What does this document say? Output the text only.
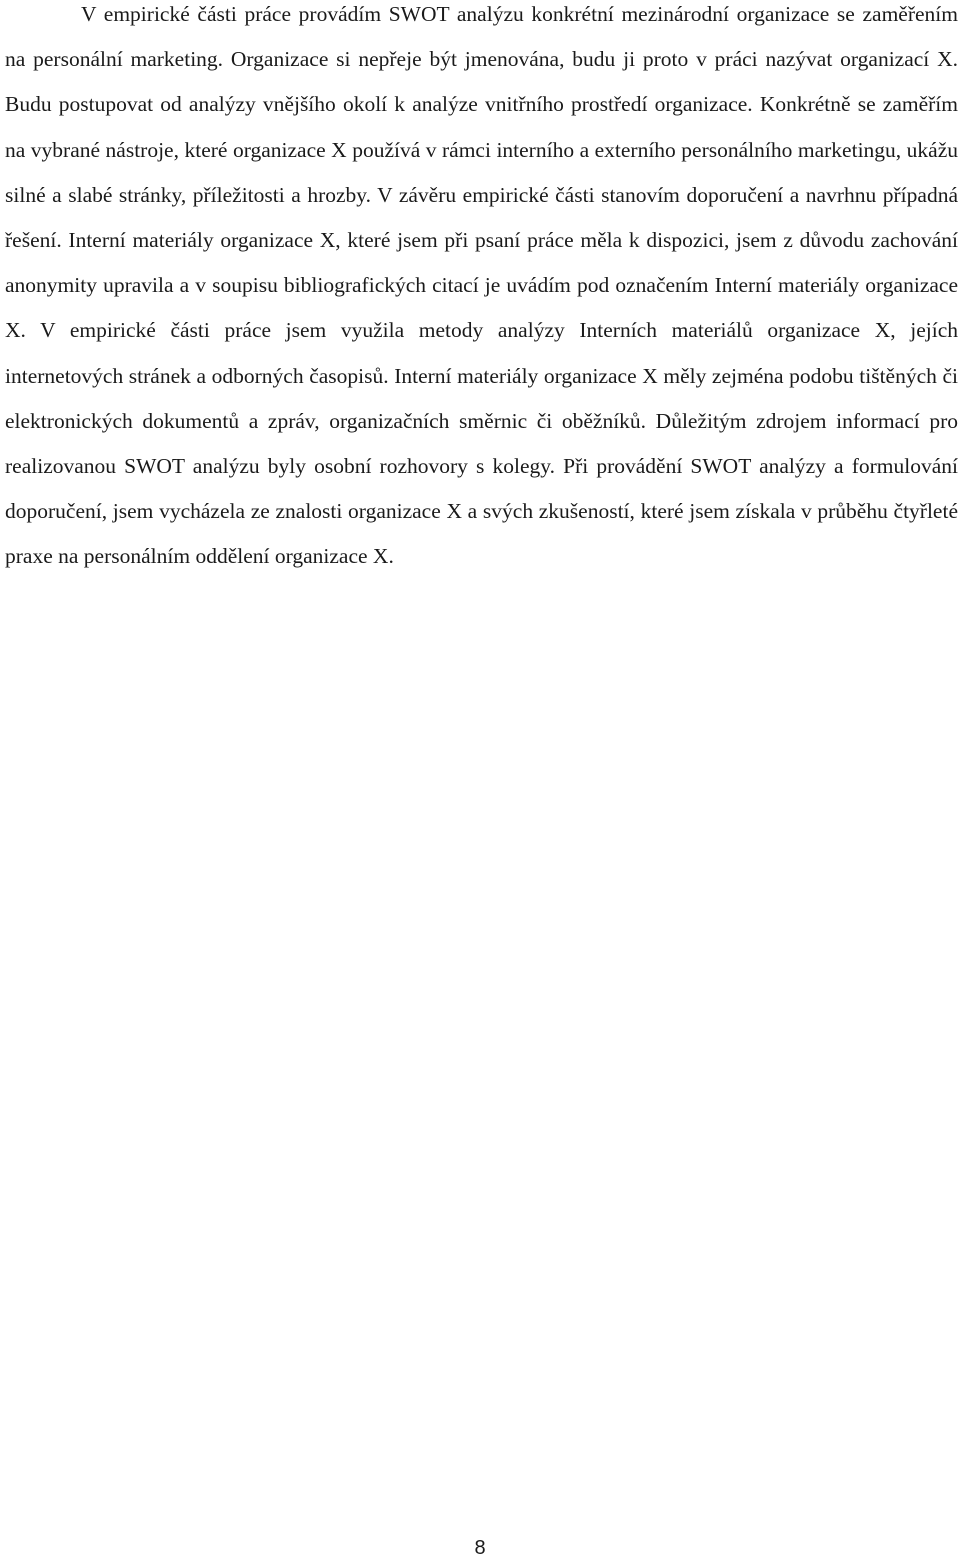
V empirické části práce provádím SWOT analýzu konkrétní mezinárodní organizace se zaměřením na personální marketing. Organizace si nepřeje být jmenována, budu ji proto v práci nazývat organizací X. Budu postupovat od analýzy vnějšího okolí k analýze vnitřního prostředí organizace. Konkrétně se zaměřím na vybrané nástroje, které organizace X používá v rámci interního a externího personálního marketingu, ukážu silné a slabé stránky, příležitosti a hrozby. V závěru empirické části stanovím doporučení a navrhnu případná řešení. Interní materiály organizace X, které jsem při psaní práce měla k dispozici, jsem z důvodu zachování anonymity upravila a v soupisu bibliografických citací je uvádím pod označením Interní materiály organizace X. V empirické části práce jsem využila metody analýzy Interních materiálů organizace X, jejích internetových stránek a odborných časopisů. Interní materiály organizace X měly zejména podobu tištěných či elektronických dokumentů a zpráv, organizačních směrnic či oběžníků. Důležitým zdrojem informací pro realizovanou SWOT analýzu byly osobní rozhovory s kolegy. Při provádění SWOT analýzy a formulování doporučení, jsem vycházela ze znalosti organizace X a svých zkušeností, které jsem získala v průběhu čtyřleté praxe na personálním oddělení organizace X.

8
